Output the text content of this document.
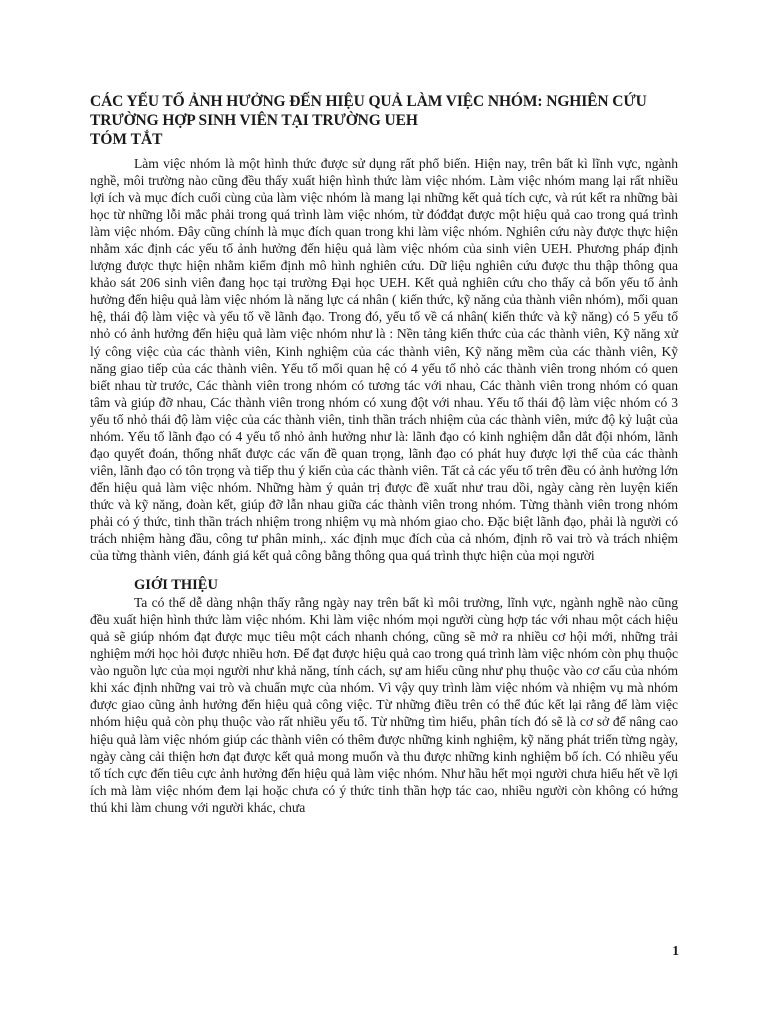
CÁC YẾU TỐ ẢNH HƯỞNG ĐẾN HIỆU QUẢ LÀM VIỆC NHÓM: NGHIÊN CỨU TRƯỜNG HỢP SINH VIÊN TẠI TRƯỜNG UEH
TÓM TẮT

Làm việc nhóm là một hình thức được sử dụng rất phổ biến. Hiện nay, trên bất kì lĩnh vực, ngành nghề, môi trường nào cũng đều thấy xuất hiện hình thức làm việc nhóm. Làm việc nhóm mang lại rất nhiều lợi ích và mục đích cuối cùng của làm việc nhóm là mang lại những kết quả tích cực, và rút kết ra những bài học từ những lỗi mắc phải trong quá trình làm việc nhóm, từ đóđđạt được một hiệu quả cao trong quá trình làm việc nhóm. Đây cũng chính là mục đích quan trong khi làm việc nhóm. Nghiên cứu này được thực hiện nhằm xác định các yếu tố ảnh hưởng đến hiệu quả làm việc nhóm của sinh viên UEH. Phương pháp định lượng được thực hiện nhằm kiểm định mô hình nghiên cứu. Dữ liệu nghiên cứu được thu thập thông qua khảo sát 206 sinh viên đang học tại trường Đại học UEH. Kết quả nghiên cứu cho thấy cả bốn yếu tố ảnh hưởng đến hiệu quả làm việc nhóm là năng lực cá nhân ( kiến thức, kỹ năng của thành viên nhóm), mối quan hệ, thái độ làm việc và yếu tố về lãnh đạo. Trong đó, yếu tố về cá nhân( kiến thức và kỹ năng) có 5 yếu tố nhỏ có ảnh hưởng đến hiệu quả làm việc nhóm như là : Nền tảng kiến thức của các thành viên, Kỹ năng xử lý công việc của các thành viên, Kinh nghiệm của các thành viên, Kỹ năng mềm của các thành viên, Kỹ năng giao tiếp của các thành viên. Yếu tố mối quan hệ có 4 yếu tố nhỏ các thành viên trong nhóm có quen biết nhau từ trước, Các thành viên trong nhóm có tương tác với nhau, Các thành viên trong nhóm có quan tâm và giúp đỡ nhau, Các thành viên trong nhóm có xung đột với nhau. Yếu tố thái độ làm việc nhóm có 3 yếu tố nhỏ thái độ làm việc của các thành viên, tinh thần trách nhiệm của các thành viên, mức độ kỷ luật của nhóm. Yếu tố lãnh đạo có 4 yếu tố nhỏ ảnh hưởng như là: lãnh đạo có kinh nghiệm dẫn dắt đội nhóm, lãnh đạo quyết đoán, thống nhất được các vấn đề quan trọng, lãnh đạo có phát huy được lợi thế của các thành viên, lãnh đạo có tôn trọng và tiếp thu ý kiến của các thành viên. Tất cả các yếu tố trên đều có ảnh hưởng lớn đến hiệu quả làm việc nhóm. Những hàm ý quản trị được đề xuất như trau dồi, ngày càng rèn luyện kiến thức và kỹ năng, đoàn kết, giúp đỡ lẫn nhau giữa các thành viên trong nhóm. Từng thành viên trong nhóm phải có ý thức, tinh thần trách nhiệm trong nhiệm vụ mà nhóm giao cho. Đặc biệt lãnh đạo, phải là người có trách nhiệm hàng đầu, công tư phân minh,. xác định mục đích của cả nhóm, định rõ vai trò và trách nhiệm của từng thành viên, đánh giá kết quả công bằng thông qua quá trình thực hiện của mọi người

GIỚI THIỆU

Ta có thể dễ dàng nhận thấy rằng ngày nay trên bất kì môi trường, lĩnh vực, ngành nghề nào cũng đều xuất hiện hình thức làm việc nhóm. Khi làm việc nhóm mọi người cùng hợp tác với nhau một cách hiệu quả sẽ giúp nhóm đạt được mục tiêu một cách nhanh chóng, cũng sẽ mở ra nhiều cơ hội mới, những trải nghiệm mới học hỏi được nhiều hơn. Để đạt được hiệu quả cao trong quá trình làm việc nhóm còn phụ thuộc vào nguồn lực của mọi người như khả năng, tính cách, sự am hiểu cũng như phụ thuộc vào cơ cấu của nhóm khi xác định những vai trò và chuẩn mực của nhóm. Vì vậy quy trình làm việc nhóm và nhiệm vụ mà nhóm được giao cũng ảnh hưởng đến hiệu quả công việc. Từ những điều trên có thể đúc kết lại rằng để làm việc nhóm hiệu quả còn phụ thuộc vào rất nhiều yếu tố. Từ những tìm hiểu, phân tích đó sẽ là cơ sở để nâng cao hiệu quả làm việc nhóm giúp các thành viên có thêm được những kinh nghiệm, kỹ năng phát triển từng ngày, ngày càng cải thiện hơn đạt được kết quả mong muốn và thu được những kinh nghiệm bổ ích. Có nhiều yếu tố tích cực đến tiêu cực ảnh hưởng đến hiệu quả làm việc nhóm. Như hầu hết mọi người chưa hiểu hết về lợi ích mà làm việc nhóm đem lại hoặc chưa có ý thức tinh thần hợp tác cao, nhiều người còn không có hứng thú khi làm chung với người khác, chưa

1
